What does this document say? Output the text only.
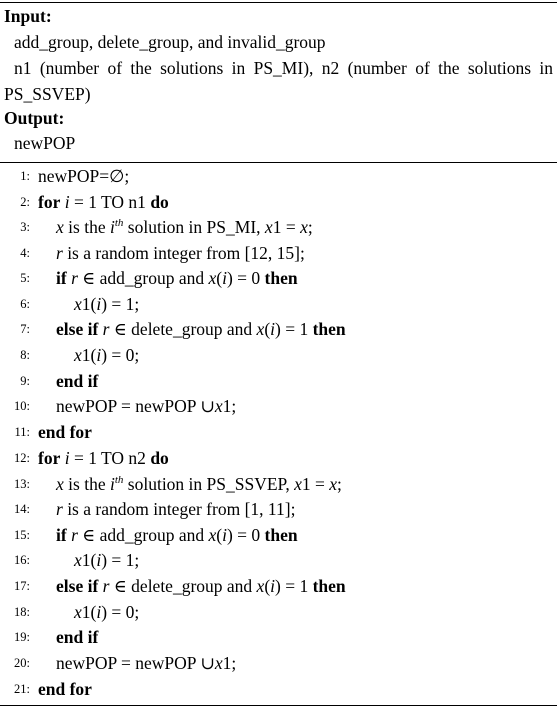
Input:
add_group, delete_group, and invalid_group
n1 (number of the solutions in PS_MI), n2 (number of the solutions in PS_SSVEP)
Output:
newPOP
1: newPOP=∅;
2: for i = 1 TO n1 do
3: x is the $i^{th}$ solution in PS_MI, x1 = x;
4: r is a random integer from [12, 15];
5: if r ∈ add_group and x(i) = 0 then
6:	x1(i) = 1;
7: else if r ∈ delete_group and x(i) = 1 then
8:	x1(i) = 0;
9: end if
10: newPOP = newPOP ∪x1;
11: end for
12: for i = 1 TO n2 do
13: x is the $i^{th}$ solution in PS_SSVEP, x1 = x;
14: r is a random integer from [1, 11];
15: if r ∈ add_group and x(i) = 0 then
16:	x1(i) = 1;
17: else if r ∈ delete_group and x(i) = 1 then
18:	x1(i) = 0;
19: end if
20: newPOP = newPOP ∪x1;
21: end for
